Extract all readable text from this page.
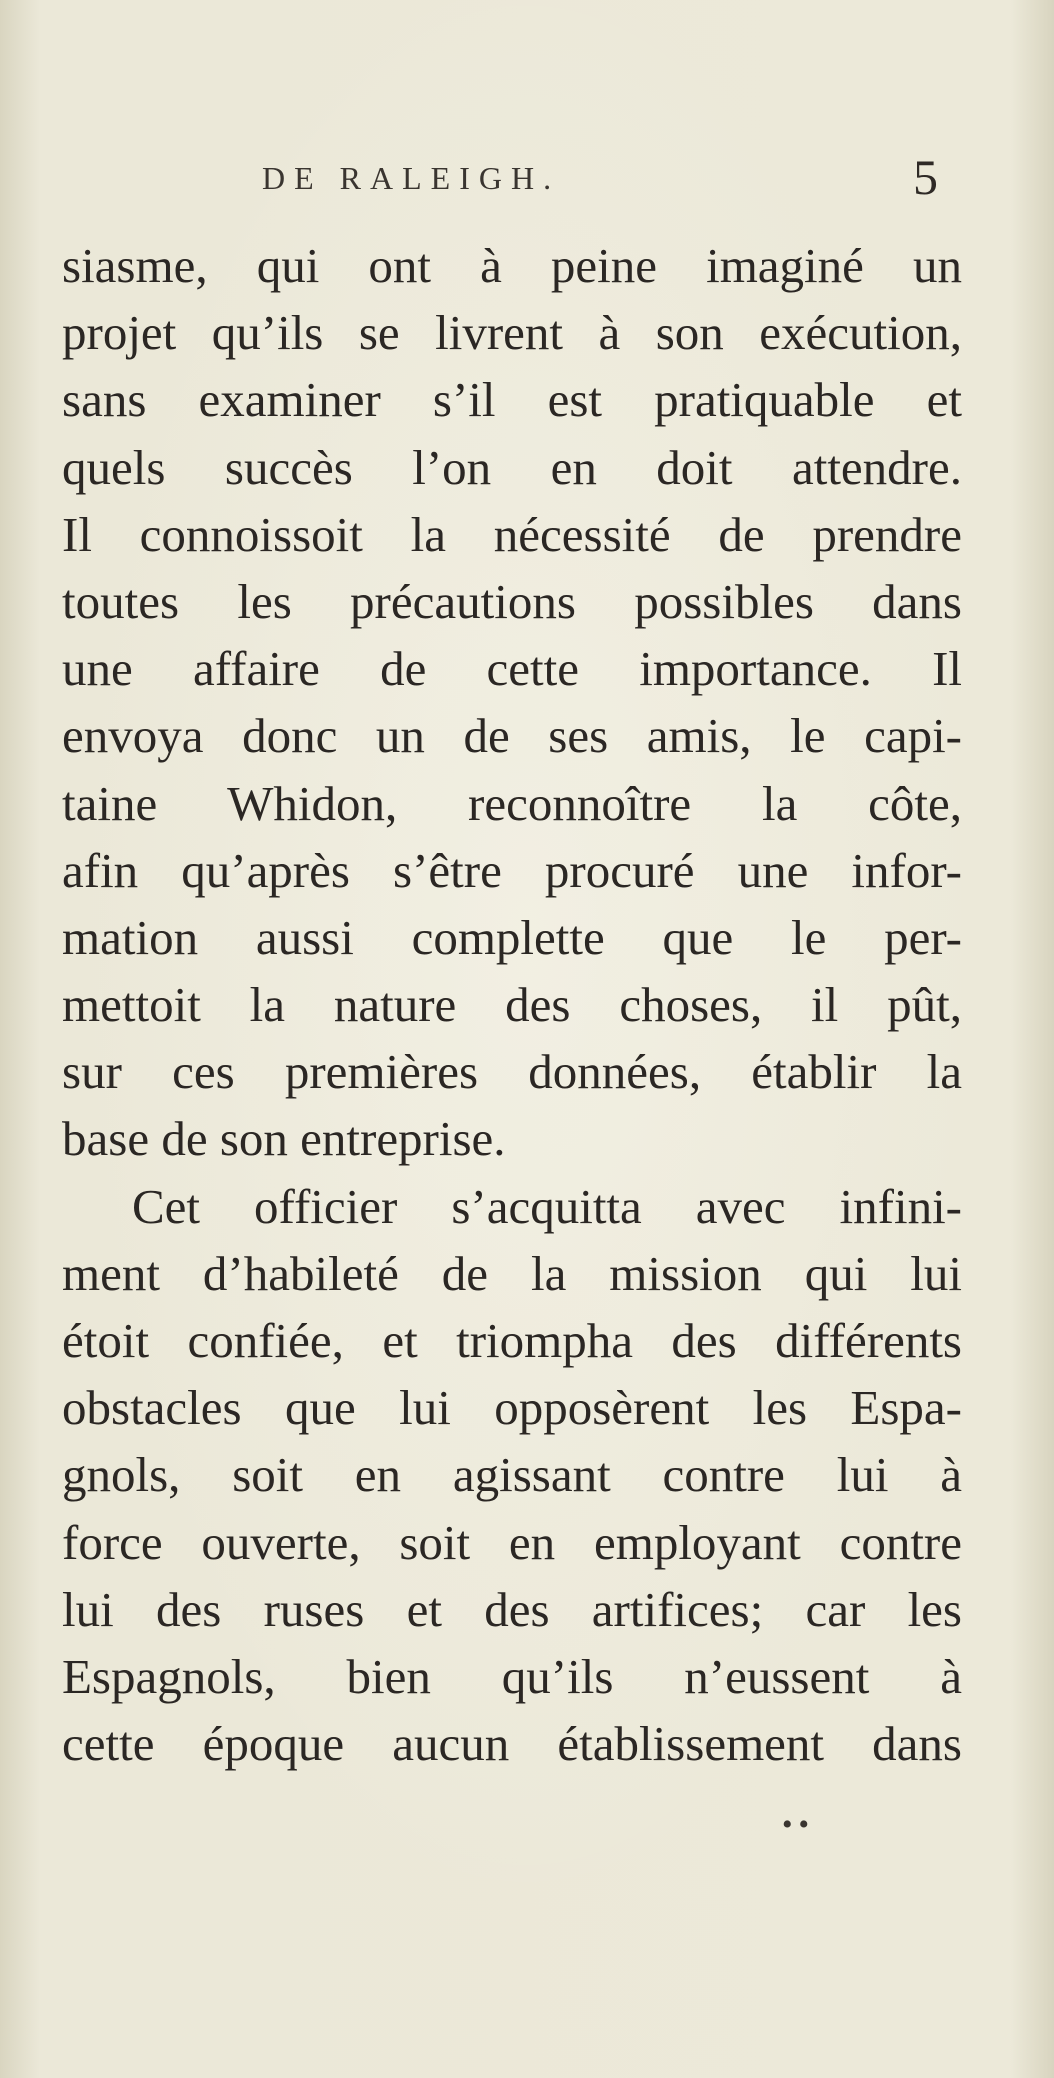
DE RALEIGH.	5
siasme, qui ont à peine imaginé un
projet qu’ils se livrent à son exécution,
sans examiner s’il est pratiquable et
quels succès l’on en doit attendre.
Il connoissoit la nécessité de prendre
toutes les précautions possibles dans
une affaire de cette importance. Il
envoya donc un de ses amis, le capi-
taine Whidon, reconnoître la côte,
afin qu’après s’être procuré une infor-
mation aussi complette que le per-
mettoit la nature des choses, il pût,
sur ces premières données, établir la
base de son entreprise.
Cet officier s’acquitta avec infini-
ment d’habileté de la mission qui lui
étoit confiée, et triompha des différents
obstacles que lui opposèrent les Espa-
gnols, soit en agissant contre lui à
force ouverte, soit en employant contre
lui des ruses et des artifices; car les
Espagnols, bien qu’ils n’eussent à
cette époque aucun établissement dans
••
